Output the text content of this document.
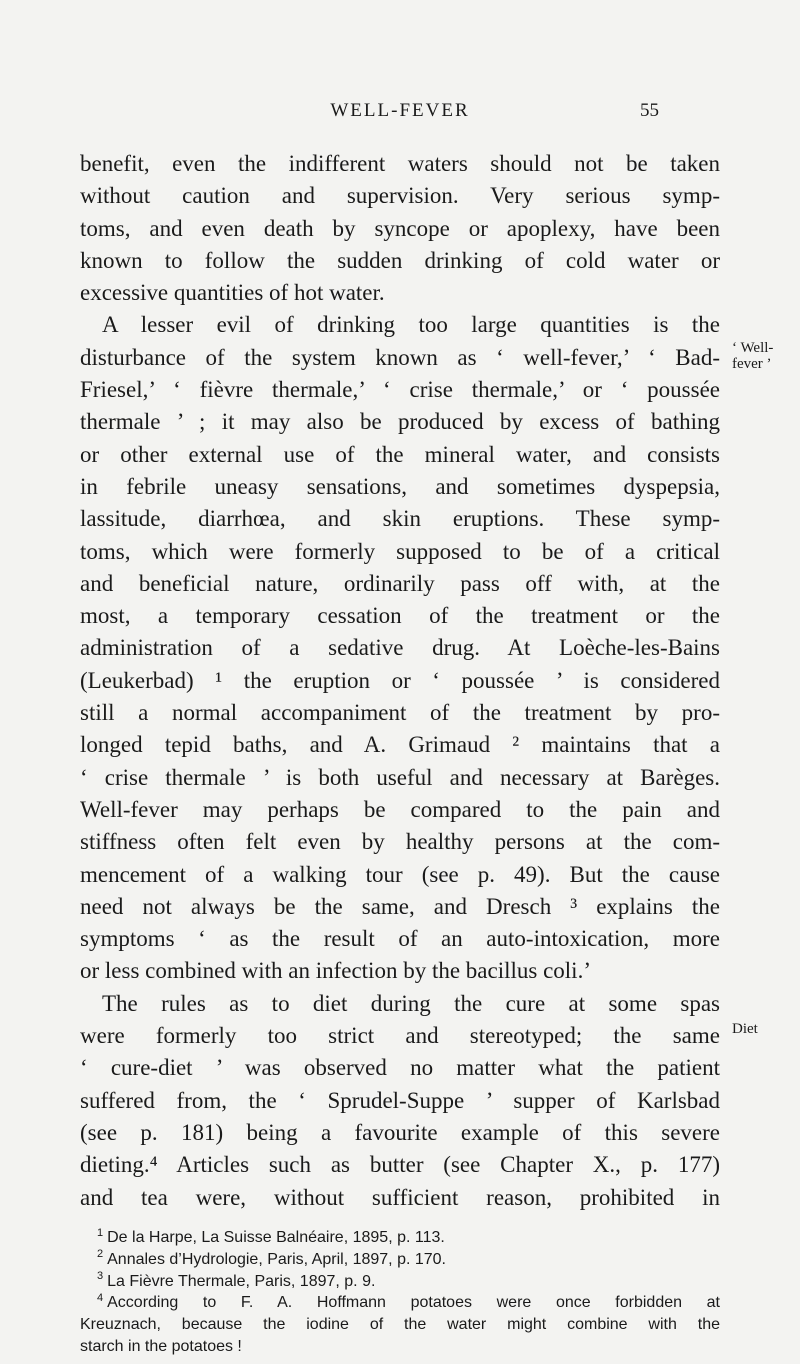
WELL-FEVER	55
‘ Well-fever ’
Diet
benefit, even the indifferent waters should not be taken
without caution and supervision. Very serious symp-
toms, and even death by syncope or apoplexy, have been
known to follow the sudden drinking of cold water or
excessive quantities of hot water.
A lesser evil of drinking too large quantities is the
disturbance of the system known as ‘ well-fever,’ ‘ Bad-
Friesel,’ ‘ fièvre thermale,’ ‘ crise thermale,’ or ‘ poussée
thermale ’ ; it may also be produced by excess of bathing
or other external use of the mineral water, and consists
in febrile uneasy sensations, and sometimes dyspepsia,
lassitude, diarrhœa, and skin eruptions. These symp-
toms, which were formerly supposed to be of a critical
and beneficial nature, ordinarily pass off with, at the
most, a temporary cessation of the treatment or the
administration of a sedative drug. At Loèche-les-Bains
(Leukerbad) ¹ the eruption or ‘ poussée ’ is considered
still a normal accompaniment of the treatment by pro-
longed tepid baths, and A. Grimaud ² maintains that a
‘ crise thermale ’ is both useful and necessary at Barèges.
Well-fever may perhaps be compared to the pain and
stiffness often felt even by healthy persons at the com-
mencement of a walking tour (see p. 49). But the cause
need not always be the same, and Dresch ³ explains the
symptoms ‘ as the result of an auto-intoxication, more
or less combined with an infection by the bacillus coli.’
The rules as to diet during the cure at some spas
were formerly too strict and stereotyped; the same
‘ cure-diet ’ was observed no matter what the patient
suffered from, the ‘ Sprudel-Suppe ’ supper of Karlsbad
(see p. 181) being a favourite example of this severe
dieting.⁴ Articles such as butter (see Chapter X., p. 177)
and tea were, without sufficient reason, prohibited in
$^1$ De la Harpe, La Suisse Balnéaire, 1895, p. 113.
$^2$ Annales d’Hydrologie, Paris, April, 1897, p. 170.
$^3$ La Fièvre Thermale, Paris, 1897, p. 9.
$^4$ According to F. A. Hoffmann potatoes were once forbidden at
Kreuznach, because the iodine of the water might combine with the
starch in the potatoes !
